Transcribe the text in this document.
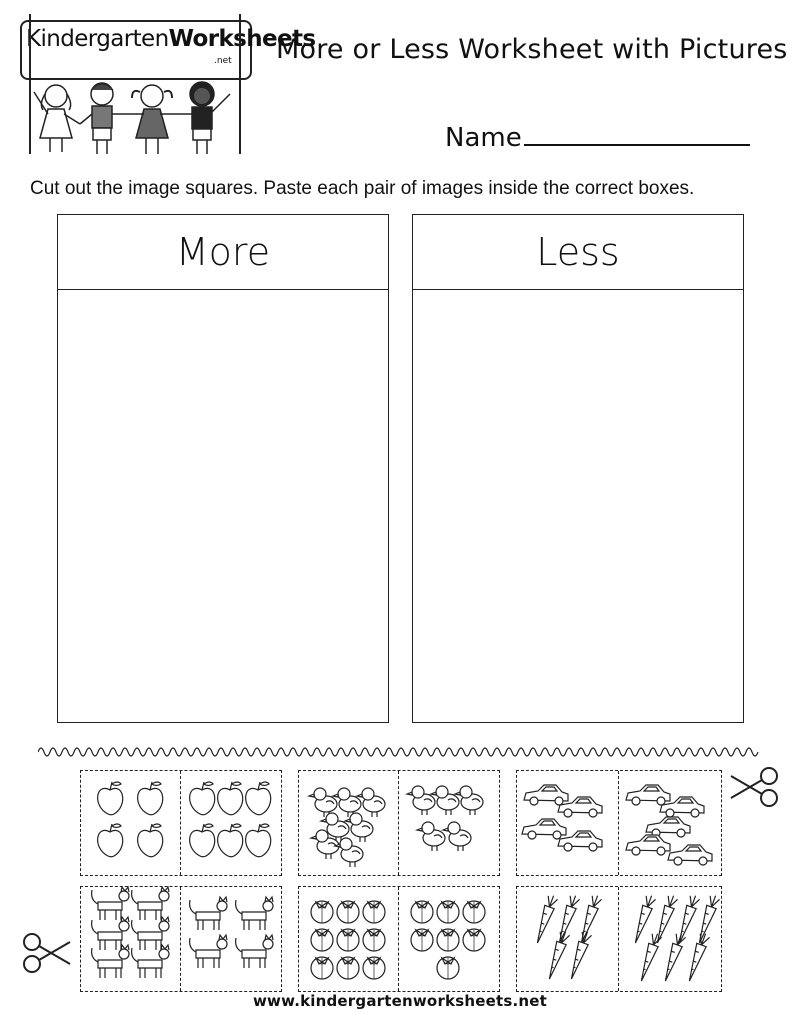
KindergartenWorksheets
.net More or Less Worksheet with Pictures
Name
Cut out the image squares. Paste each pair of images inside the correct boxes.
More	Less
www.kindergartenworksheets.net
